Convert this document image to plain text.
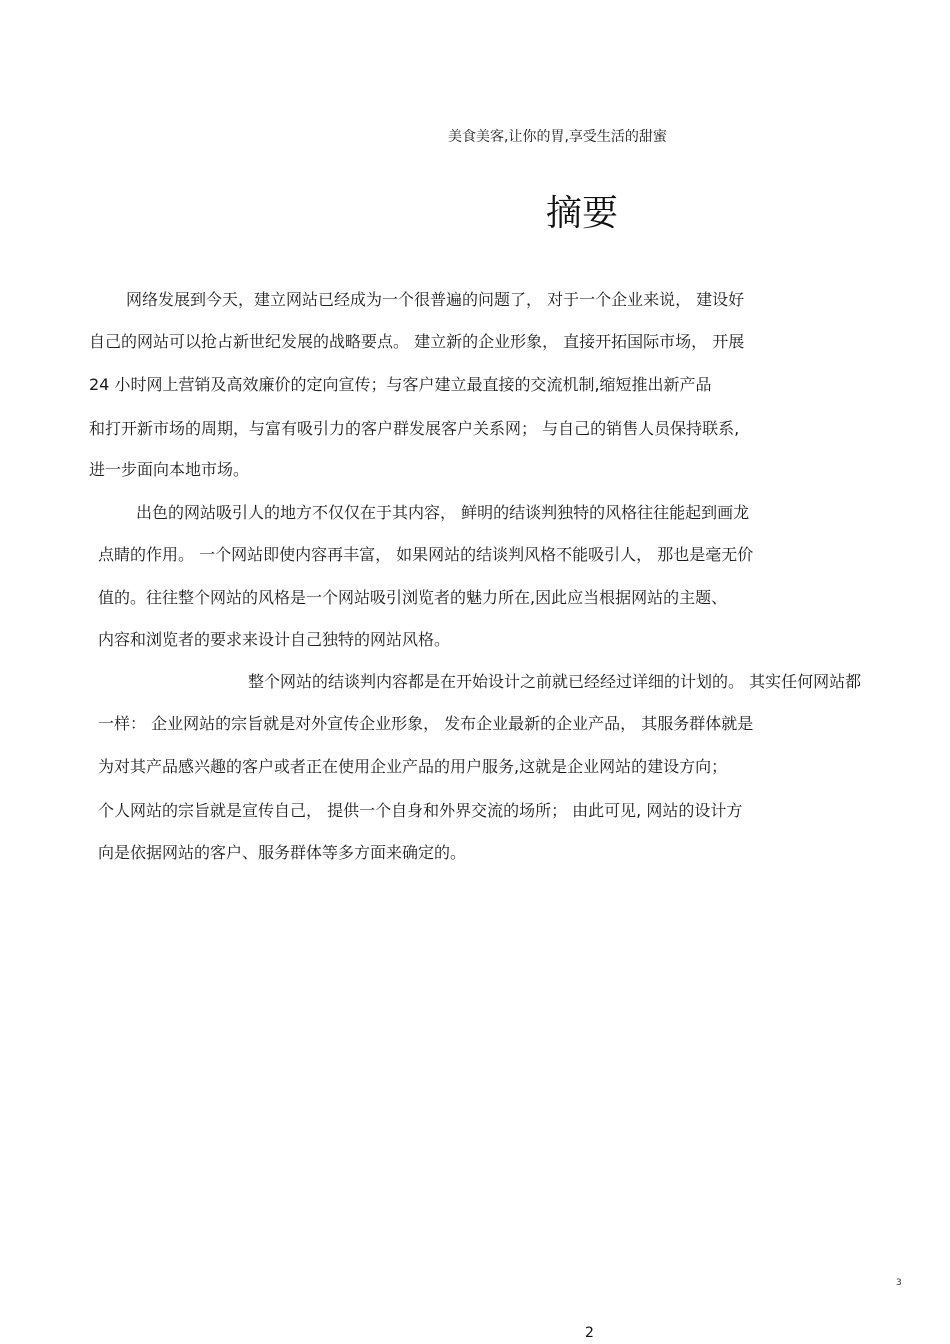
美食美客,让你的胃,享受生活的甜蜜
摘要
网络发展到今天，建立网站已经成为一个很普遍的问题了， 对于一个企业来说， 建设好
自己的网站可以抢占新世纪发展的战略要点。 建立新的企业形象， 直接开拓国际市场， 开展
24 小时网上营销及高效廉价的定向宣传；与客户建立最直接的交流机制,缩短推出新产品
和打开新市场的周期，与富有吸引力的客户群发展客户关系网； 与自己的销售人员保持联系,
进一步面向本地市场。
出色的网站吸引人的地方不仅仅在于其内容， 鲜明的结谈判独特的风格往往能起到画龙
点睛的作用。 一个网站即使内容再丰富， 如果网站的结谈判风格不能吸引人， 那也是毫无价
值的。往往整个网站的风格是一个网站吸引浏览者的魅力所在,因此应当根据网站的主题、
内容和浏览者的要求来设计自己独特的网站风格。
整个网站的结谈判内容都是在开始设计之前就已经经过详细的计划的。 其实任何网站都
一样： 企业网站的宗旨就是对外宣传企业形象， 发布企业最新的企业产品， 其服务群体就是
为对其产品感兴趣的客户或者正在使用企业产品的用户服务,这就是企业网站的建设方向；
个人网站的宗旨就是宣传自己， 提供一个自身和外界交流的场所； 由此可见, 网站的设计方
向是依据网站的客户、服务群体等多方面来确定的。
3
2
